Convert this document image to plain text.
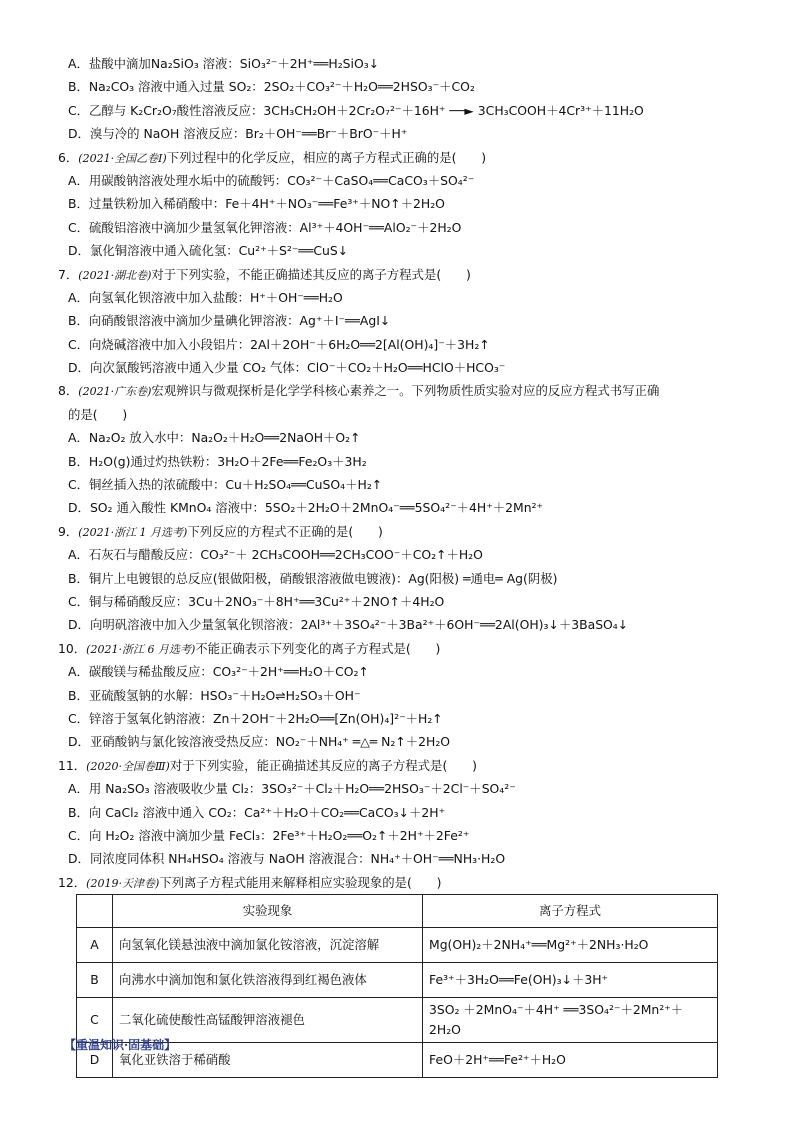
A．盐酸中滴加Na₂SiO₃ 溶液：SiO₃²⁻＋2H⁺══H₂SiO₃↓
B．Na₂CO₃ 溶液中通入过量 SO₂：2SO₂＋CO₃²⁻＋H₂O══2HSO₃⁻＋CO₂
C．乙醇与 K₂Cr₂O₇酸性溶液反应：3CH₃CH₂OH＋2Cr₂O₇²⁻＋16H⁺ ──► 3CH₃COOH＋4Cr³⁺＋11H₂O
D．溴与冷的 NaOH 溶液反应：Br₂＋OH⁻══Br⁻＋BrO⁻＋H⁺
6．(2021·全国乙卷Ⅰ)下列过程中的化学反应，相应的离子方程式正确的是(　　)
A．用碳酸钠溶液处理水垢中的硫酸钙：CO₃²⁻＋CaSO₄══CaCO₃＋SO₄²⁻
B．过量铁粉加入稀硝酸中：Fe＋4H⁺＋NO₃⁻══Fe³⁺＋NO↑＋2H₂O
C．硫酸铝溶液中滴加少量氢氧化钾溶液：Al³⁺＋4OH⁻══AlO₂⁻＋2H₂O
D．氯化铜溶液中通入硫化氢：Cu²⁺＋S²⁻══CuS↓
7．(2021·湖北卷)对于下列实验，不能正确描述其反应的离子方程式是(　　)
A．向氢氧化钡溶液中加入盐酸：H⁺＋OH⁻══H₂O
B．向硝酸银溶液中滴加少量碘化钾溶液：Ag⁺＋I⁻══AgI↓
C．向烧碱溶液中加入小段铝片：2Al＋2OH⁻＋6H₂O══2[Al(OH)₄]⁻＋3H₂↑
D．向次氯酸钙溶液中通入少量 CO₂ 气体：ClO⁻＋CO₂＋H₂O══HClO＋HCO₃⁻
8．(2021·广东卷)宏观辨识与微观探析是化学学科核心素养之一。下列物质性质实验对应的反应方程式书写正确
的是(　　)
A．Na₂O₂ 放入水中：Na₂O₂＋H₂O══2NaOH＋O₂↑
B．H₂O(g)通过灼热铁粉：3H₂O＋2Fe══Fe₂O₃＋3H₂
C．铜丝插入热的浓硫酸中：Cu＋H₂SO₄══CuSO₄＋H₂↑
D．SO₂ 通入酸性 KMnO₄ 溶液中：5SO₂＋2H₂O＋2MnO₄⁻══5SO₄²⁻＋4H⁺＋2Mn²⁺
9．(2021·浙江 1 月选考)下列反应的方程式不正确的是(　　)
A．石灰石与醋酸反应：CO₃²⁻＋ 2CH₃COOH══2CH₃COO⁻＋CO₂↑＋H₂O
B．铜片上电镀银的总反应(银做阳极，硝酸银溶液做电镀液)：Ag(阳极) ═通电═ Ag(阴极)
C．铜与稀硝酸反应：3Cu＋2NO₃⁻＋8H⁺══3Cu²⁺＋2NO↑＋4H₂O
D．向明矾溶液中加入少量氢氧化钡溶液：2Al³⁺＋3SO₄²⁻＋3Ba²⁺＋6OH⁻══2Al(OH)₃↓＋3BaSO₄↓
10．(2021·浙江 6 月选考)不能正确表示下列变化的离子方程式是(　　)
A．碳酸镁与稀盐酸反应：CO₃²⁻＋2H⁺══H₂O＋CO₂↑
B．亚硫酸氢钠的水解：HSO₃⁻＋H₂O⇌H₂SO₃＋OH⁻
C．锌溶于氢氧化钠溶液：Zn＋2OH⁻＋2H₂O══[Zn(OH)₄]²⁻＋H₂↑
D．亚硝酸钠与氯化铵溶液受热反应：NO₂⁻＋NH₄⁺ ═△═ N₂↑＋2H₂O
11．(2020·全国卷Ⅲ)对于下列实验，能正确描述其反应的离子方程式是(　　)
A．用 Na₂SO₃ 溶液吸收少量 Cl₂：3SO₃²⁻＋Cl₂＋H₂O══2HSO₃⁻＋2Cl⁻＋SO₄²⁻
B．向 CaCl₂ 溶液中通入 CO₂：Ca²⁺＋H₂O＋CO₂══CaCO₃↓＋2H⁺
C．向 H₂O₂ 溶液中滴加少量 FeCl₃：2Fe³⁺＋H₂O₂══O₂↑＋2H⁺＋2Fe²⁺
D．同浓度同体积 NH₄HSO₄ 溶液与 NaOH 溶液混合：NH₄⁺＋OH⁻══NH₃·H₂O
12．(2019·天津卷)下列离子方程式能用来解释相应实验现象的是(　　)
	实验现象	离子方程式
A	向氢氧化镁悬浊液中滴加氯化铵溶液，沉淀溶解	Mg(OH)₂＋2NH₄⁺══Mg²⁺＋2NH₃·H₂O
B	向沸水中滴加饱和氯化铁溶液得到红褐色液体	Fe³⁺＋3H₂O══Fe(OH)₃↓＋3H⁺
C	二氧化硫使酸性高锰酸钾溶液褪色	3SO₂ ＋2MnO₄⁻＋4H⁺ ══3SO₄²⁻＋2Mn²⁺＋2H₂O
D	氧化亚铁溶于稀硝酸	FeO＋2H⁺══Fe²⁺＋H₂O
【重温知识·固基础】
